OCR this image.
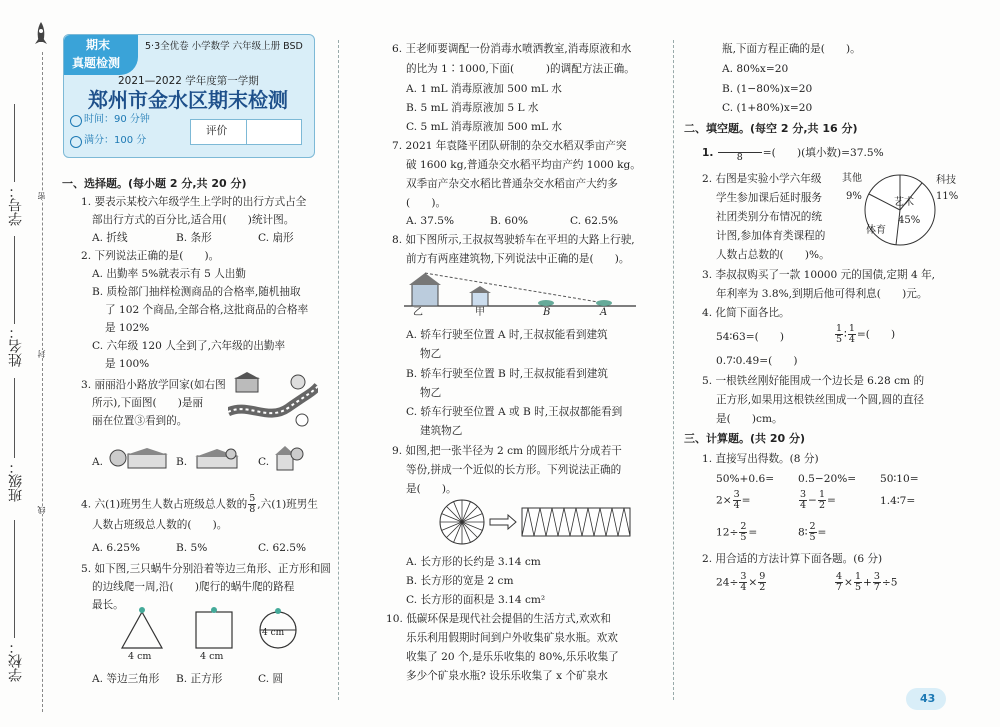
学号：
姓名：
班级：
学校：
密
封
线
期末
真题检测
5·3全优卷 小学数学 六年级上册 BSD
2021—2022 学年度第一学期
郑州市金水区期末检测
时间：90 分钟
满分：100 分
评价
一、选择题。(每小题 2 分,共 20 分)
1. 要表示某校六年级学生上学时的出行方式占全
部出行方式的百分比,适合用(　　)统计图。
A. 折线	B. 条形	C. 扇形
2. 下列说法正确的是(　　)。
A. 出勤率 5%就表示有 5 人出勤
B. 质检部门抽样检测商品的合格率,随机抽取
了 102 个商品,全部合格,这批商品的合格率
是 102%
C. 六年级 120 人全到了,六年级的出勤率
是 100%
3. 丽丽沿小路放学回家(如右图
所示),下面图(　　)是丽
丽在位置③看到的。
A.	B.	C.
4. 六(1)班男生人数占班级总人数的 $\frac{5}{8}$ ,六(1)班男生
人数占班级总人数的(　　)。
A. 6.25%	B. 5%	C. 62.5%
5. 如下图,三只蜗牛分别沿着等边三角形、正方形和圆
的边线爬一周,沿(　　)爬行的蜗牛爬的路程
最长。
4 cm	4 cm
4 cm
A. 等边三角形 B. 正方形	C. 圆
6. 王老师要调配一份消毒水喷洒教室,消毒原液和水
的比为 1∶1000,下面(　　　)的调配方法正确。
A. 1 mL 消毒原液加 500 mL 水
B. 5 mL 消毒原液加 5 L 水
C. 5 mL 消毒原液加 500 mL 水
7. 2021 年袁隆平团队研制的杂交水稻双季亩产突
破 1600 kg,普通杂交水稻平均亩产约 1000 kg。
双季亩产杂交水稻比普通杂交水稻亩产大约多
(　　)。
A. 37.5%	B. 60%	C. 62.5%
8. 如下图所示,王叔叔驾驶轿车在平坦的大路上行驶,
前方有两座建筑物,下列说法中正确的是(　　)。
乙	甲	B	A
A. 轿车行驶至位置 A 时,王叔叔能看到建筑
物乙
B. 轿车行驶至位置 B 时,王叔叔能看到建筑
物乙
C. 轿车行驶至位置 A 或 B 时,王叔叔都能看到
建筑物乙
9. 如图,把一张半径为 2 cm 的圆形纸片分成若干
等份,拼成一个近似的长方形。下列说法正确的
是(　　)。
A. 长方形的长约是 3.14 cm
B. 长方形的宽是 2 cm
C. 长方形的面积是 3.14 cm²
10. 低碳环保是现代社会提倡的生活方式,欢欢和
乐乐利用假期时间到户外收集矿泉水瓶。欢欢
收集了 20 个,是乐乐收集的 80%,乐乐收集了
多少个矿泉水瓶? 设乐乐收集了 x 个矿泉水
瓶,下面方程正确的是(　　)。
A. 80%x=20
B. (1−80%)x=20
C. (1+80%)x=20
二、填空题。(每空 2 分,共 16 分)
1.	8	=(　　)(填小数)=37.5%
2. 右图是实验小学六年级
学生参加课后延时服务
社团类别分布情况的统
计图,参加体育类课程的
人数占总数的(　　)%。
其他
9%
科技
11%
艺术
45%
体育
3. 李叔叔购买了一款 10000 元的国债,定期 4 年,
年利率为 3.8%,到期后他可得利息(　　)元。
4. 化简下面各比。
54∶63=(　　)	$\frac{1}{5}$ ∶ $\frac{1}{4}$ =(　　)
0.7∶0.49=(　　)
5. 一根铁丝刚好能围成一个边长是 6.28 cm 的
正方形,如果用这根铁丝围成一个圆,圆的直径
是(　　)cm。
三、计算题。(共 20 分)
1. 直接写出得数。(8 分)
50%+0.6= 0.5−20%= 50∶10=
$2\times \frac{3}{4}$ =	$\frac{3}{4} - \frac{1}{2}$ =	1.4∶7=
$12\div \frac{2}{5}$ =	8∶ $\frac{2}{5}$ =
2. 用合适的方法计算下面各题。(6 分)
$24\div \frac{3}{4} \times \frac{9}{2}$	$\frac{4}{7} \times \frac{1}{5} + \frac{3}{7} \div 5$
43
